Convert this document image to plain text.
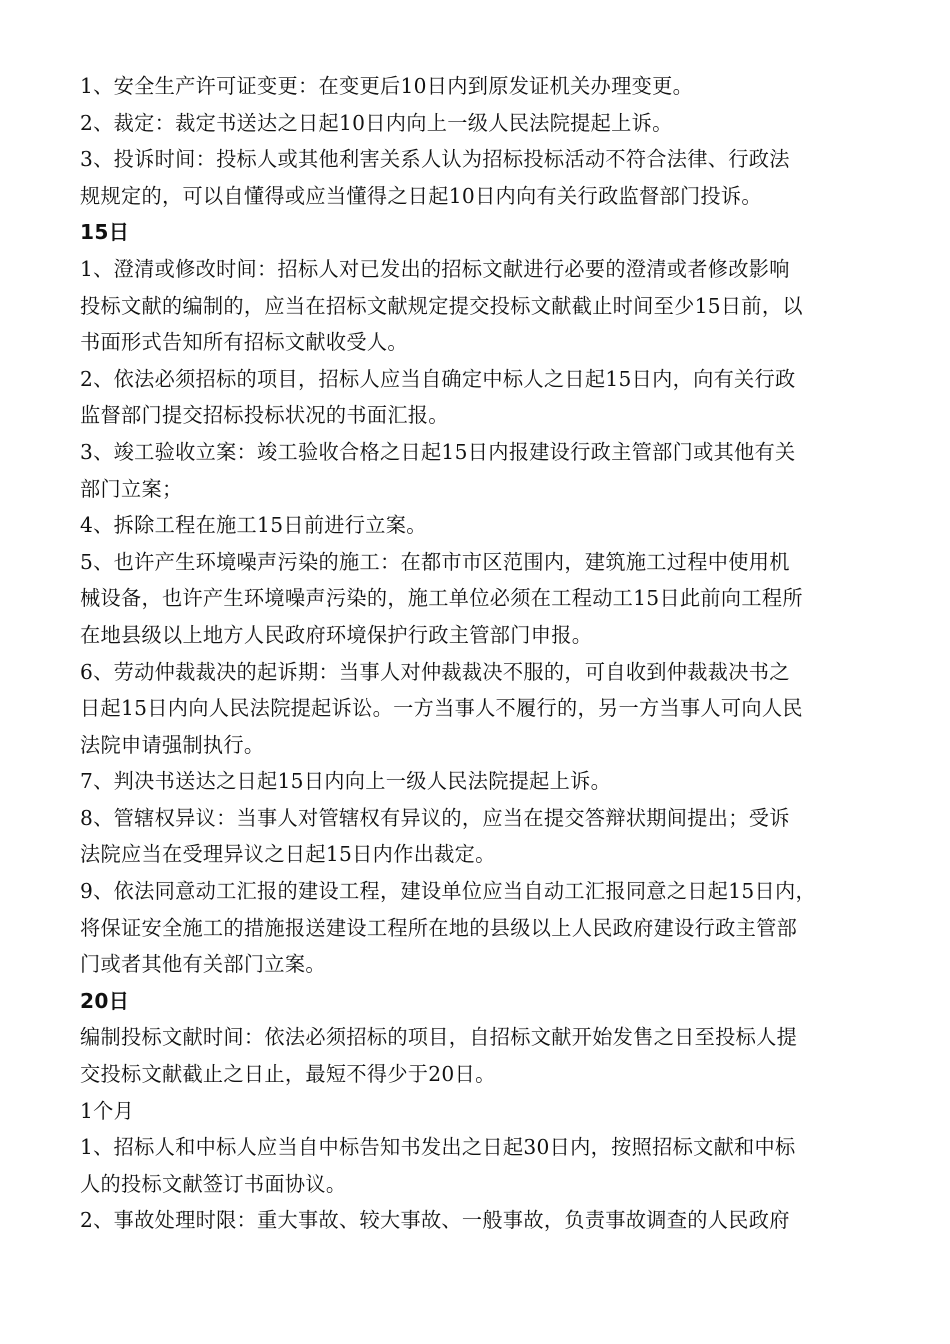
1、安全生产许可证变更：在变更后10日内到原发证机关办理变更。
2、裁定：裁定书送达之日起10日内向上一级人民法院提起上诉。
3、投诉时间：投标人或其他利害关系人认为招标投标活动不符合法律、行政法
规规定的，可以自懂得或应当懂得之日起10日内向有关行政监督部门投诉。
15日
1、澄清或修改时间：招标人对已发出的招标文献进行必要的澄清或者修改影响
投标文献的编制的，应当在招标文献规定提交投标文献截止时间至少15日前，以
书面形式告知所有招标文献收受人。
2、依法必须招标的项目，招标人应当自确定中标人之日起15日内，向有关行政
监督部门提交招标投标状况的书面汇报。
3、竣工验收立案：竣工验收合格之日起15日内报建设行政主管部门或其他有关
部门立案；
4、拆除工程在施工15日前进行立案。
5、也许产生环境噪声污染的施工：在都市市区范围内，建筑施工过程中使用机
械设备，也许产生环境噪声污染的，施工单位必须在工程动工15日此前向工程所
在地县级以上地方人民政府环境保护行政主管部门申报。
6、劳动仲裁裁决的起诉期：当事人对仲裁裁决不服的，可自收到仲裁裁决书之
日起15日内向人民法院提起诉讼。一方当事人不履行的，另一方当事人可向人民
法院申请强制执行。
7、判决书送达之日起15日内向上一级人民法院提起上诉。
8、管辖权异议：当事人对管辖权有异议的，应当在提交答辩状期间提出；受诉
法院应当在受理异议之日起15日内作出裁定。
9、依法同意动工汇报的建设工程，建设单位应当自动工汇报同意之日起15日内，
将保证安全施工的措施报送建设工程所在地的县级以上人民政府建设行政主管部
门或者其他有关部门立案。
20日
编制投标文献时间：依法必须招标的项目，自招标文献开始发售之日至投标人提
交投标文献截止之日止，最短不得少于20日。
1个月
1、招标人和中标人应当自中标告知书发出之日起30日内，按照招标文献和中标
人的投标文献签订书面协议。
2、事故处理时限：重大事故、较大事故、一般事故，负责事故调查的人民政府
